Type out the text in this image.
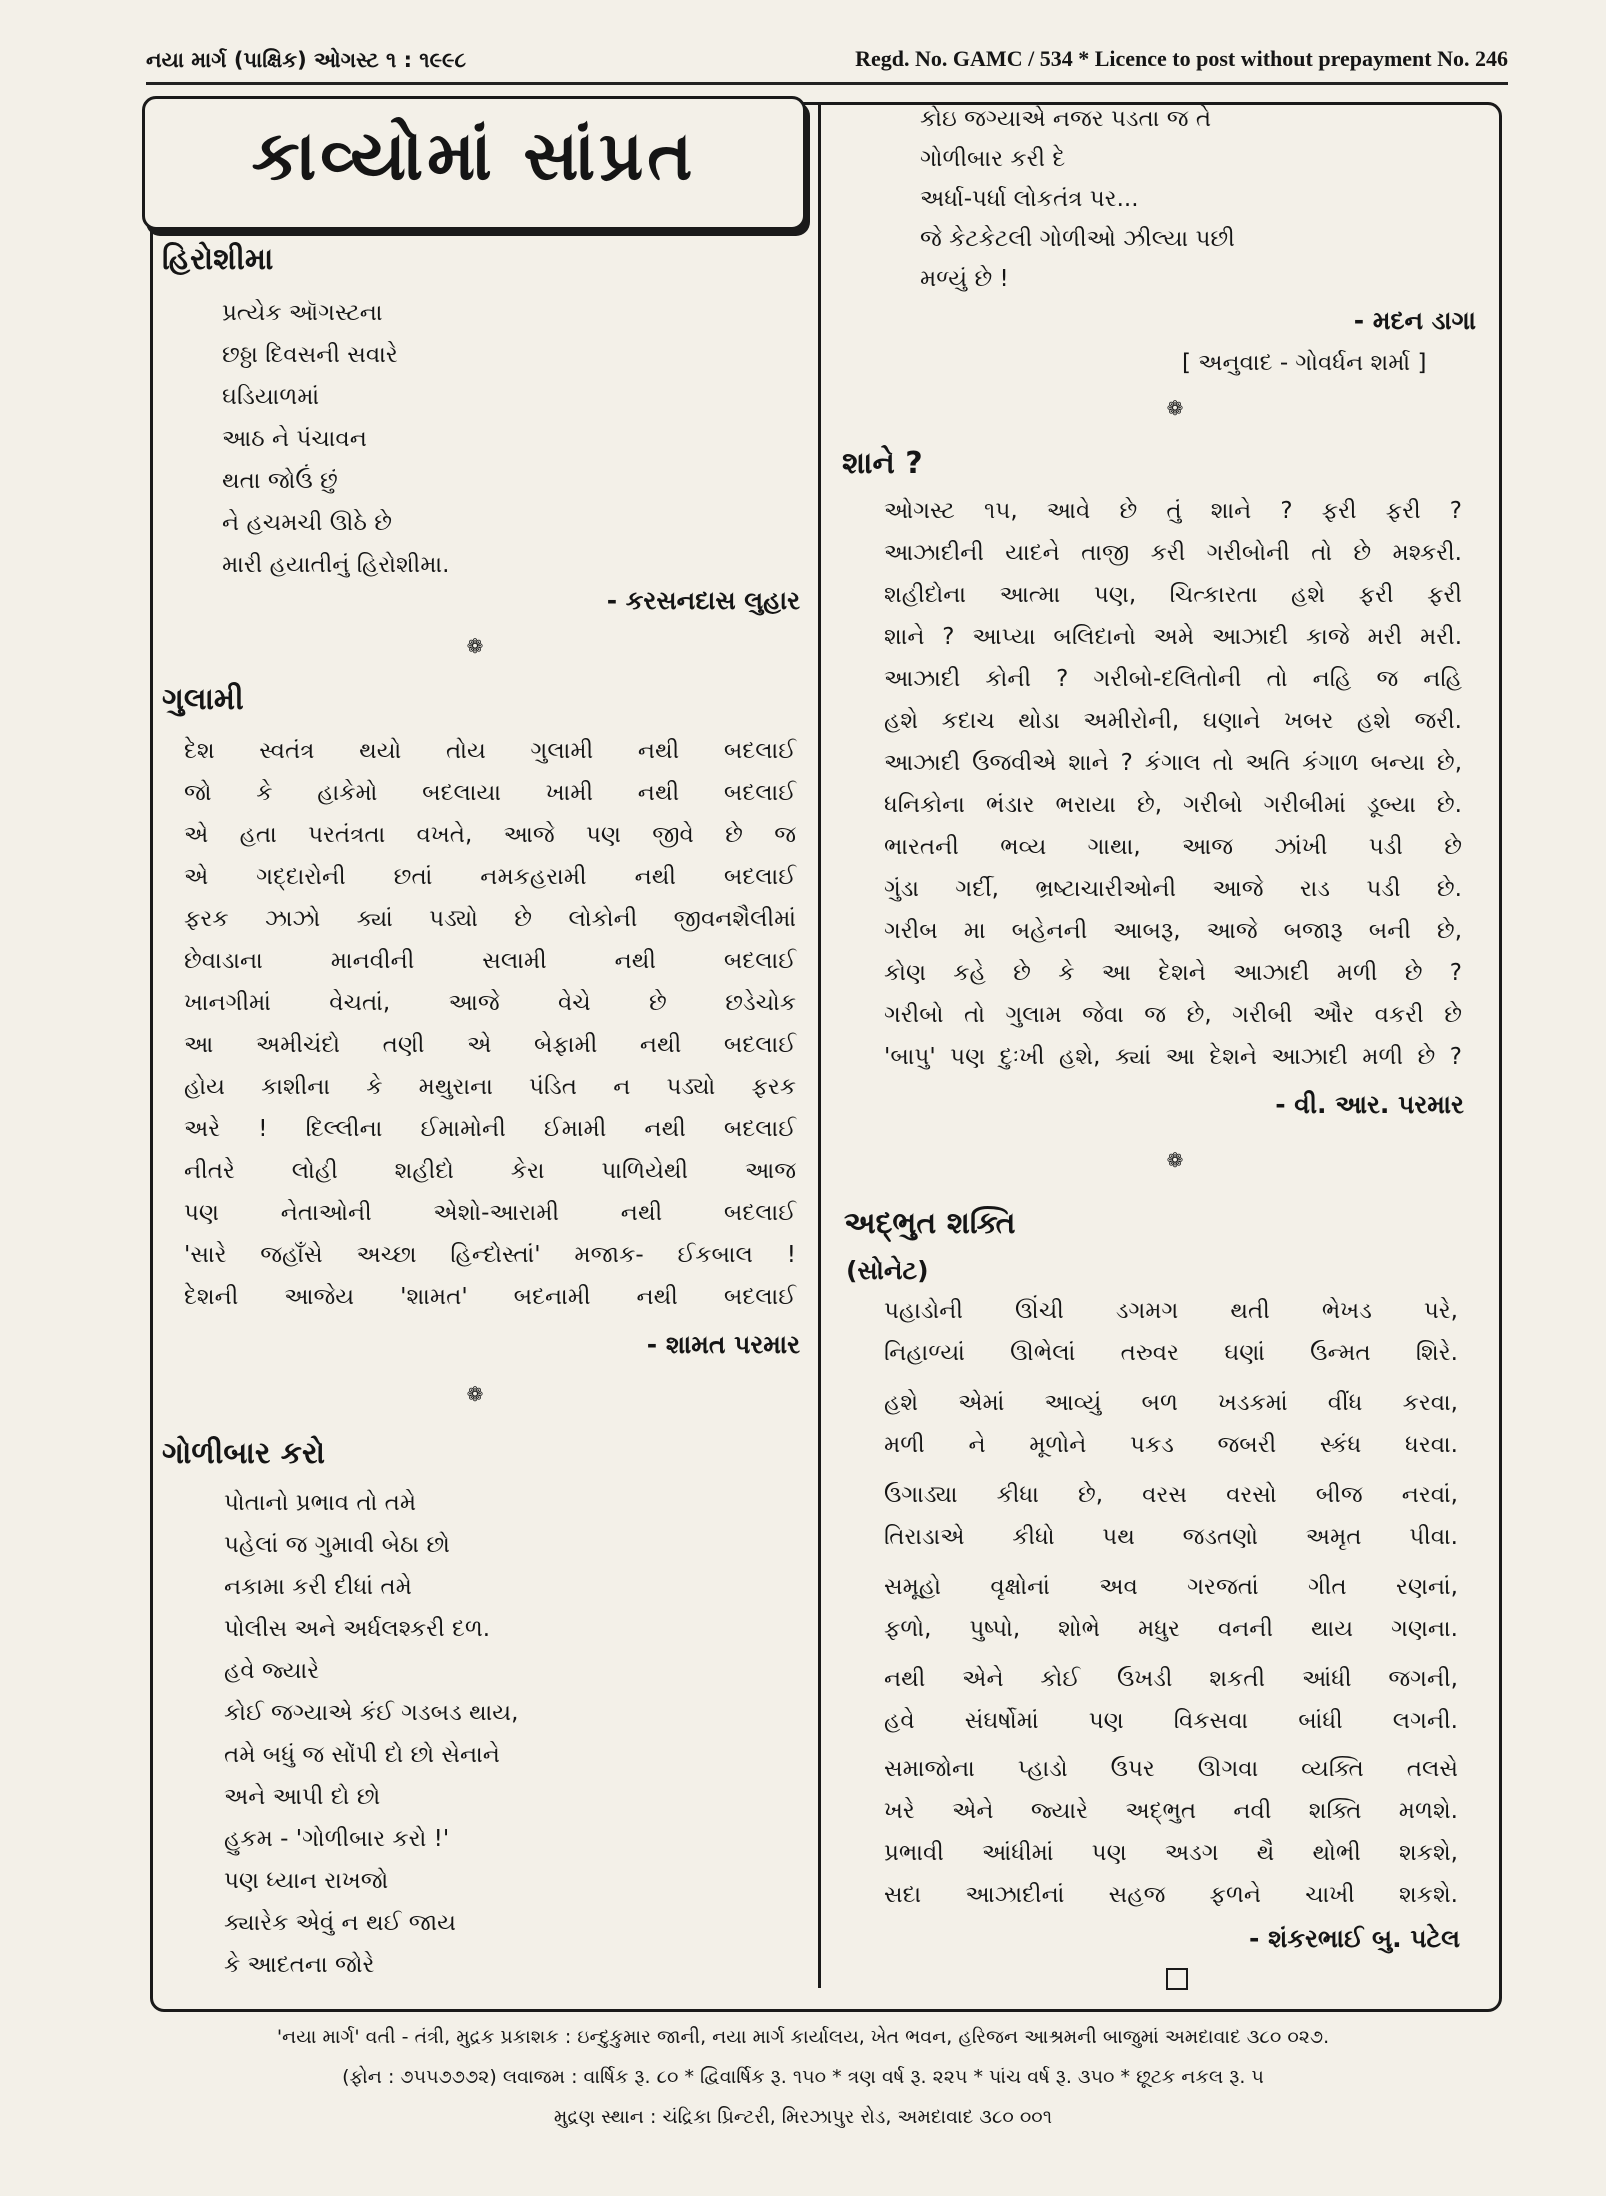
નયા માર્ગ (પાક્ષિક) ઓગસ્ટ ૧ : ૧૯૯૮	Regd. No. GAMC / 534 * Licence to post without prepayment No. 246
કાવ્યોમાં સાંપ્રત
હિરોશીમા
પ્રત્યેક ઑગસ્ટના
છઠ્ઠા દિવસની સવારે
ઘડિયાળમાં
આઠ ને પંચાવન
થતા જોઉં છું
ને હચમચી ઊઠે છે
મારી હયાતીનું હિરોશીમા.
- કરસનદાસ લુહાર
❁
ગુલામી
દેશ સ્વતંત્ર થયો તોય ગુલામી નથી બદલાઈ
જો કે હાકેમો બદલાયા ખામી નથી બદલાઈ
એ હતા પરતંત્રતા વખતે, આજે પણ જીવે છે જ
એ ગદ્દારોની છતાં નમકહરામી નથી બદલાઈ
ફરક ઝાઝો ક્યાં પડ્યો છે લોકોની જીવનશૈલીમાં
છેવાડાના માનવીની સલામી નથી બદલાઈ
ખાનગીમાં વેચતાં, આજે વેચે છે છડેચોક
આ અમીચંદો તણી એ બેફામી નથી બદલાઈ
હોય કાશીના કે મથુરાના પંડિત ન પડ્યો ફરક
અરે ! દિલ્લીના ઈમામોની ઈમામી નથી બદલાઈ
નીતરે લોહી શહીદો કેરા પાળિયેથી આજ
પણ નેતાઓની એશો-આરામી નથી બદલાઈ
'સારે જહાઁસે અચ્છા હિન્દોસ્તાં' મજાક- ઈકબાલ !
દેશની આજેય 'શામત' બદનામી નથી બદલાઈ
- શામત પરમાર
❁
ગોળીબાર કરો
પોતાનો પ્રભાવ તો તમે
પહેલાં જ ગુમાવી બેઠા છો
નકામા કરી દીધાં તમે
પોલીસ અને અર્ધલશ્કરી દળ.
હવે જ્યારે
કોઈ જગ્યાએ કંઈ ગડબડ થાય,
તમે બધું જ સોંપી દો છો સેનાને
અને આપી દો છો
હુકમ - 'ગોળીબાર કરો !'
પણ ધ્યાન રાખજો
ક્યારેક એવું ન થઈ જાય
કે આદતના જોરે
કોઇ જગ્યાએ નજર પડતા જ તે
ગોળીબાર કરી દે
અર્ધા-પર્ધા લોકતંત્ર પર...
જે કેટકેટલી ગોળીઓ ઝીલ્યા પછી
મળ્યું છે !
- મદન ડાગા
[ અનુવાદ - ગોવર્ધન શર્મા ]
❁
શાને ?
ઓગસ્ટ ૧૫, આવે છે તું શાને ? ફરી ફરી ?
આઝાદીની યાદને તાજી કરી ગરીબોની તો છે મશ્કરી.
શહીદોના આત્મા પણ, ચિત્કારતા હશે ફરી ફરી
શાને ? આપ્યા બલિદાનો અમે આઝાદી કાજે મરી મરી.
આઝાદી કોની ? ગરીબો-દલિતોની તો નહિ જ નહિ
હશે કદાચ થોડા અમીરોની, ઘણાને ખબર હશે જરી.
આઝાદી ઉજવીએ શાને ? કંગાલ તો અતિ કંગાળ બન્યા છે,
ધનિકોના ભંડાર ભરાયા છે, ગરીબો ગરીબીમાં ડૂબ્યા છે.
ભારતની ભવ્ય ગાથા, આજ ઝાંખી પડી છે
ગુંડા ગર્દી, ભ્રષ્ટાચારીઓની આજે રાડ પડી છે.
ગરીબ મા બહેનની આબરૂ, આજે બજારૂ બની છે,
કોણ કહે છે કે આ દેશને આઝાદી મળી છે ?
ગરીબો તો ગુલામ જેવા જ છે, ગરીબી ઔર વકરી છે
'બાપુ' પણ દુઃખી હશે, ક્યાં આ દેશને આઝાદી મળી છે ?
- વી. આર. પરમાર
❁
અદ્ભુત શક્તિ
(સોનેટ)
પહાડોની ઊંચી ડગમગ થતી ભેખડ પરે,
નિહાળ્યાં ઊભેલાં તરુવર ઘણાં ઉન્મત શિરે.
હશે એમાં આવ્યું બળ ખડકમાં વીંધ કરવા,
મળી ને મૂળોને પકડ જબરી સ્કંધ ધરવા.
ઉગાડ્યા કીધા છે, વરસ વરસો બીજ નરવાં,
તિરાડાએ કીધો પથ જડતણો અમૃત પીવા.
સમૂહો વૃક્ષોનાં અવ ગરજતાં ગીત રણનાં,
ફળો, પુષ્પો, શોભે મધુર વનની થાય ગણના.
નથી એને કોઈ ઉખડી શકતી આંધી જગની,
હવે સંઘર્ષોમાં પણ વિકસવા બાંધી લગની.
સમાજોના પ્હાડો ઉપર ઊગવા વ્યક્તિ તલસે
ખરે એને જ્યારે અદ્ભુત નવી શક્તિ મળશે.
પ્રભાવી આંધીમાં પણ અડગ થૈ થોભી શકશે,
સદા આઝાદીનાં સહજ ફળને ચાખી શકશે.
- શંકરભાઈ બુ. પટેલ
'નયા માર્ગ' વતી - તંત્રી, મુદ્રક પ્રકાશક : ઇન્દુકુમાર જાની, નયા માર્ગ કાર્યાલય, ખેત ભવન, હરિજન આશ્રમની બાજુમાં અમદાવાદ ૩૮૦ ૦૨૭.
(ફોન : ૭૫૫૭૭૭૨) લવાજમ : વાર્ષિક રૂ. ૮૦ * દ્વિવાર્ષિક રૂ. ૧૫૦ * ત્રણ વર્ષ રૂ. ૨૨૫ * પાંચ વર્ષ રૂ. ૩૫૦ * છૂટક નકલ રૂ. ૫
મુદ્રણ સ્થાન : ચંદ્રિકા પ્રિન્ટરી, મિરઝાપુર રોડ, અમદાવાદ ૩૮૦ ૦૦૧
